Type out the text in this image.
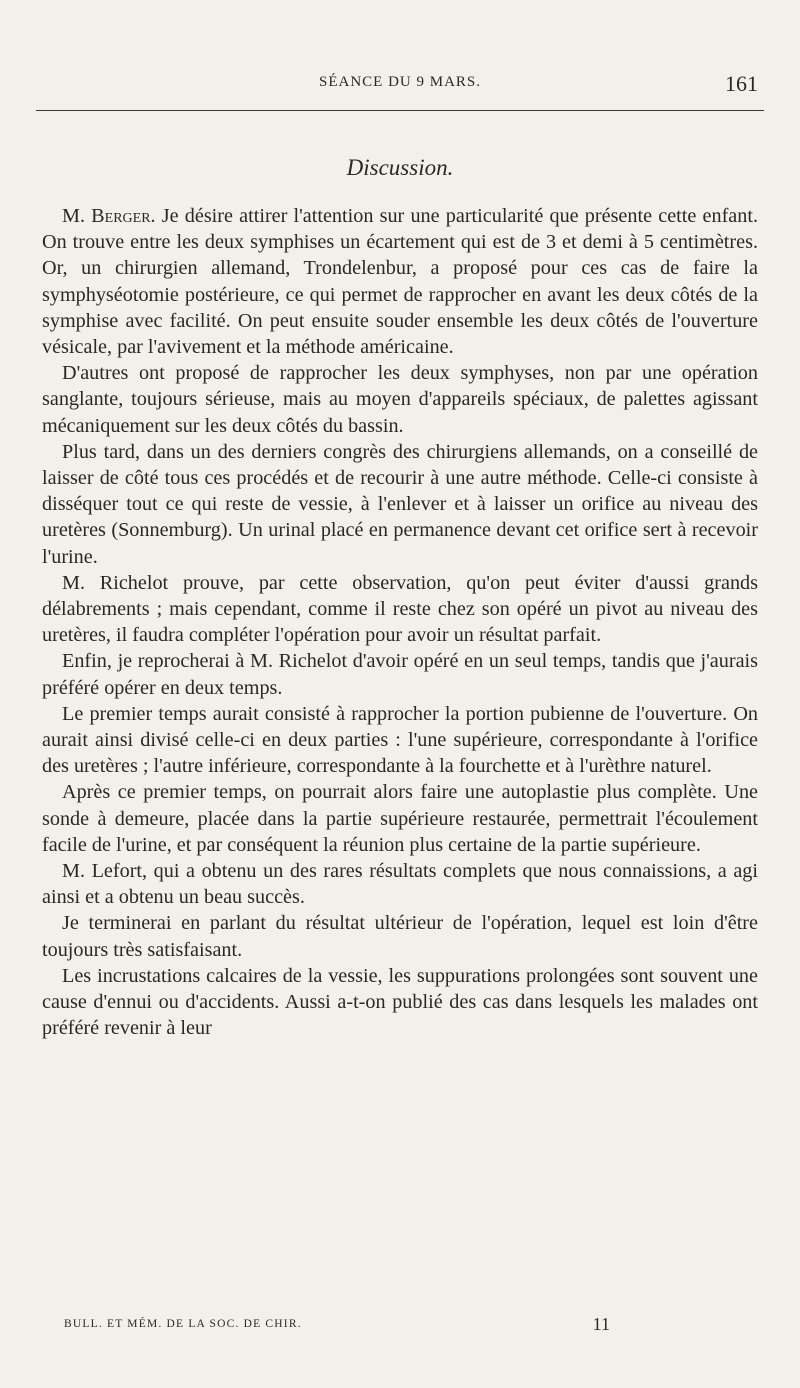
SÉANCE DU 9 MARS.	161
Discussion.

M. Berger. Je désire attirer l'attention sur une particularité que présente cette enfant. On trouve entre les deux symphises un écartement qui est de 3 et demi à 5 centimètres. Or, un chirurgien allemand, Trondelenbur, a proposé pour ces cas de faire la symphyséotomie postérieure, ce qui permet de rapprocher en avant les deux côtés de la symphise avec facilité. On peut ensuite souder ensemble les deux côtés de l'ouverture vésicale, par l'avivement et la méthode américaine.

D'autres ont proposé de rapprocher les deux symphyses, non par une opération sanglante, toujours sérieuse, mais au moyen d'appareils spéciaux, de palettes agissant mécaniquement sur les deux côtés du bassin.

Plus tard, dans un des derniers congrès des chirurgiens allemands, on a conseillé de laisser de côté tous ces procédés et de recourir à une autre méthode. Celle-ci consiste à disséquer tout ce qui reste de vessie, à l'enlever et à laisser un orifice au niveau des uretères (Sonnemburg). Un urinal placé en permanence devant cet orifice sert à recevoir l'urine.

M. Richelot prouve, par cette observation, qu'on peut éviter d'aussi grands délabrements ; mais cependant, comme il reste chez son opéré un pivot au niveau des uretères, il faudra compléter l'opération pour avoir un résultat parfait.

Enfin, je reprocherai à M. Richelot d'avoir opéré en un seul temps, tandis que j'aurais préféré opérer en deux temps.

Le premier temps aurait consisté à rapprocher la portion pubienne de l'ouverture. On aurait ainsi divisé celle-ci en deux parties : l'une supérieure, correspondante à l'orifice des uretères ; l'autre inférieure, correspondante à la fourchette et à l'urèthre naturel.

Après ce premier temps, on pourrait alors faire une autoplastie plus complète. Une sonde à demeure, placée dans la partie supérieure restaurée, permettrait l'écoulement facile de l'urine, et par conséquent la réunion plus certaine de la partie supérieure.

M. Lefort, qui a obtenu un des rares résultats complets que nous connaissions, a agi ainsi et a obtenu un beau succès.

Je terminerai en parlant du résultat ultérieur de l'opération, lequel est loin d'être toujours très satisfaisant.

Les incrustations calcaires de la vessie, les suppurations prolongées sont souvent une cause d'ennui ou d'accidents. Aussi a-t-on publié des cas dans lesquels les malades ont préféré revenir à leur

BULL. ET MÉM. DE LA SOC. DE CHIR.	11
